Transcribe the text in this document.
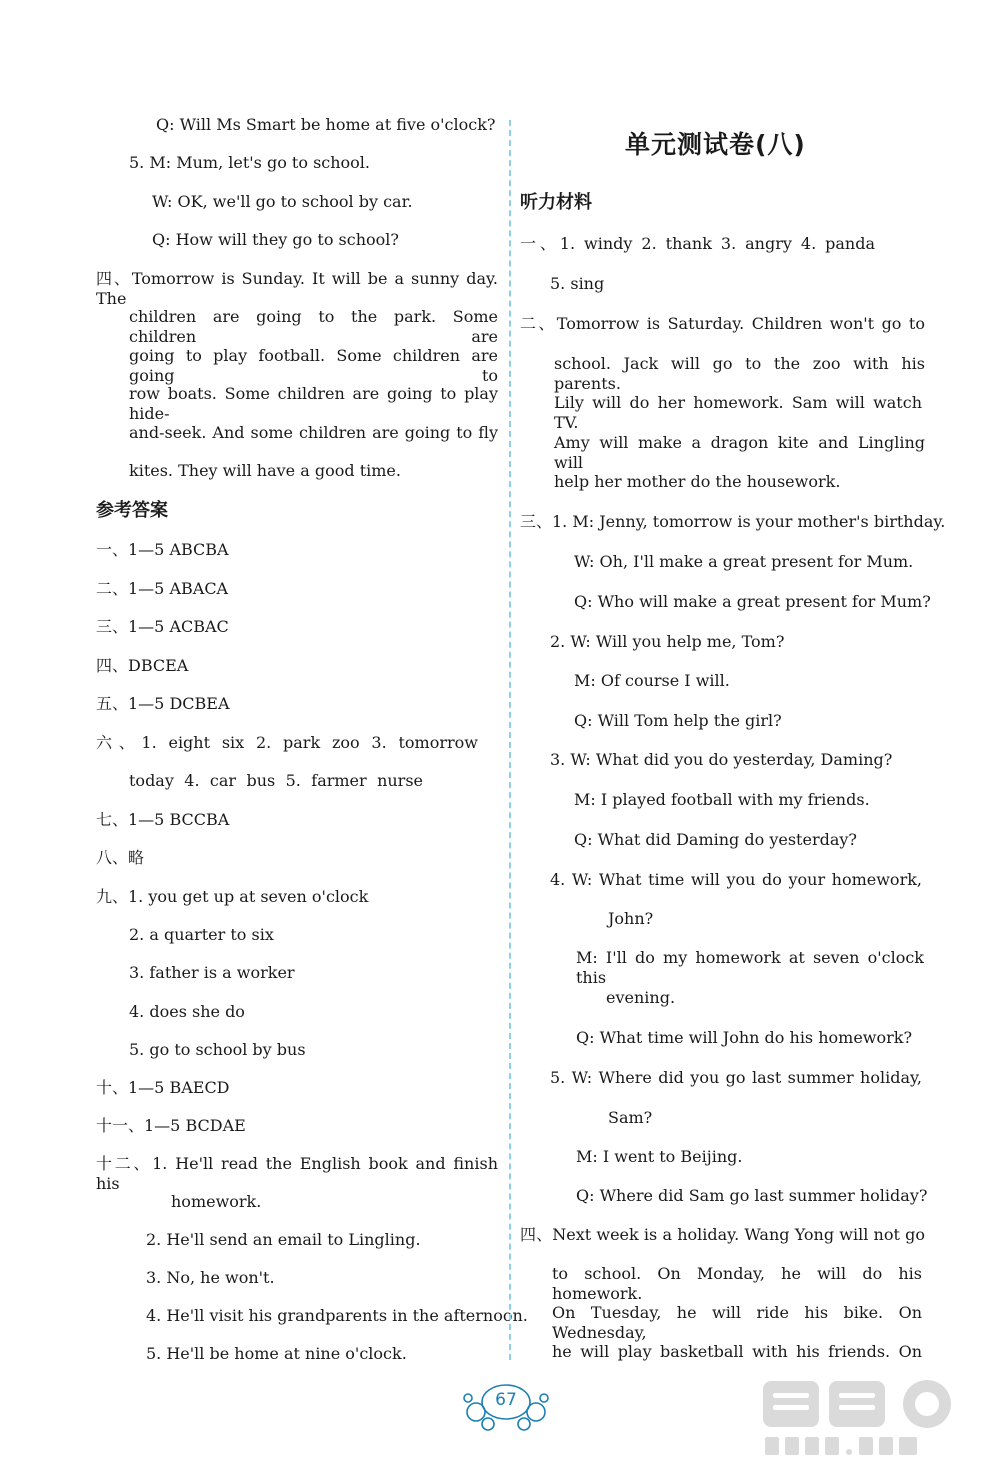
Q: Will Ms Smart be home at five o'clock?
5. M: Mum, let's go to school.
W: OK, we'll go to school by car.
Q: How will they go to school?
四、Tomorrow is Sunday. It will be a sunny day. The
children are going to the park. Some children are
going to play football. Some children are going to
row boats. Some children are going to play hide-
and-seek. And some children are going to fly
kites. They will have a good time.
参考答案
一、1—5 ABCBA
二、1—5 ABACA
三、1—5 ACBAC
四、DBCEA
五、1—5 DCBEA
六、1. eight six 2. park zoo 3. tomorrow
today 4. car bus 5. farmer nurse
七、1—5 BCCBA
八、略
九、1. you get up at seven o'clock
2. a quarter to six
3. father is a worker
4. does she do
5. go to school by bus
十、1—5 BAECD
十一、1—5 BCDAE
十二、1. He'll read the English book and finish his
homework.
2. He'll send an email to Lingling.
3. No, he won't.
4. He'll visit his grandparents in the afternoon.
5. He'll be home at nine o'clock.
单元测试卷(八)
听力材料
一、1. windy 2. thank 3. angry 4. panda
5. sing
二、Tomorrow is Saturday. Children won't go to
school. Jack will go to the zoo with his parents.
Lily will do her homework. Sam will watch TV.
Amy will make a dragon kite and Lingling will
help her mother do the housework.
三、1. M: Jenny, tomorrow is your mother's birthday.
W: Oh, I'll make a great present for Mum.
Q: Who will make a great present for Mum?
2. W: Will you help me, Tom?
M: Of course I will.
Q: Will Tom help the girl?
3. W: What did you do yesterday, Daming?
M: I played football with my friends.
Q: What did Daming do yesterday?
4. W: What time will you do your homework,
John?
M: I'll do my homework at seven o'clock this
evening.
Q: What time will John do his homework?
5. W: Where did you go last summer holiday,
Sam?
M: I went to Beijing.
Q: Where did Sam go last summer holiday?
四、Next week is a holiday. Wang Yong will not go
to school. On Monday, he will do his homework.
On Tuesday, he will ride his bike. On Wednesday,
he will play basketball with his friends. On
67
